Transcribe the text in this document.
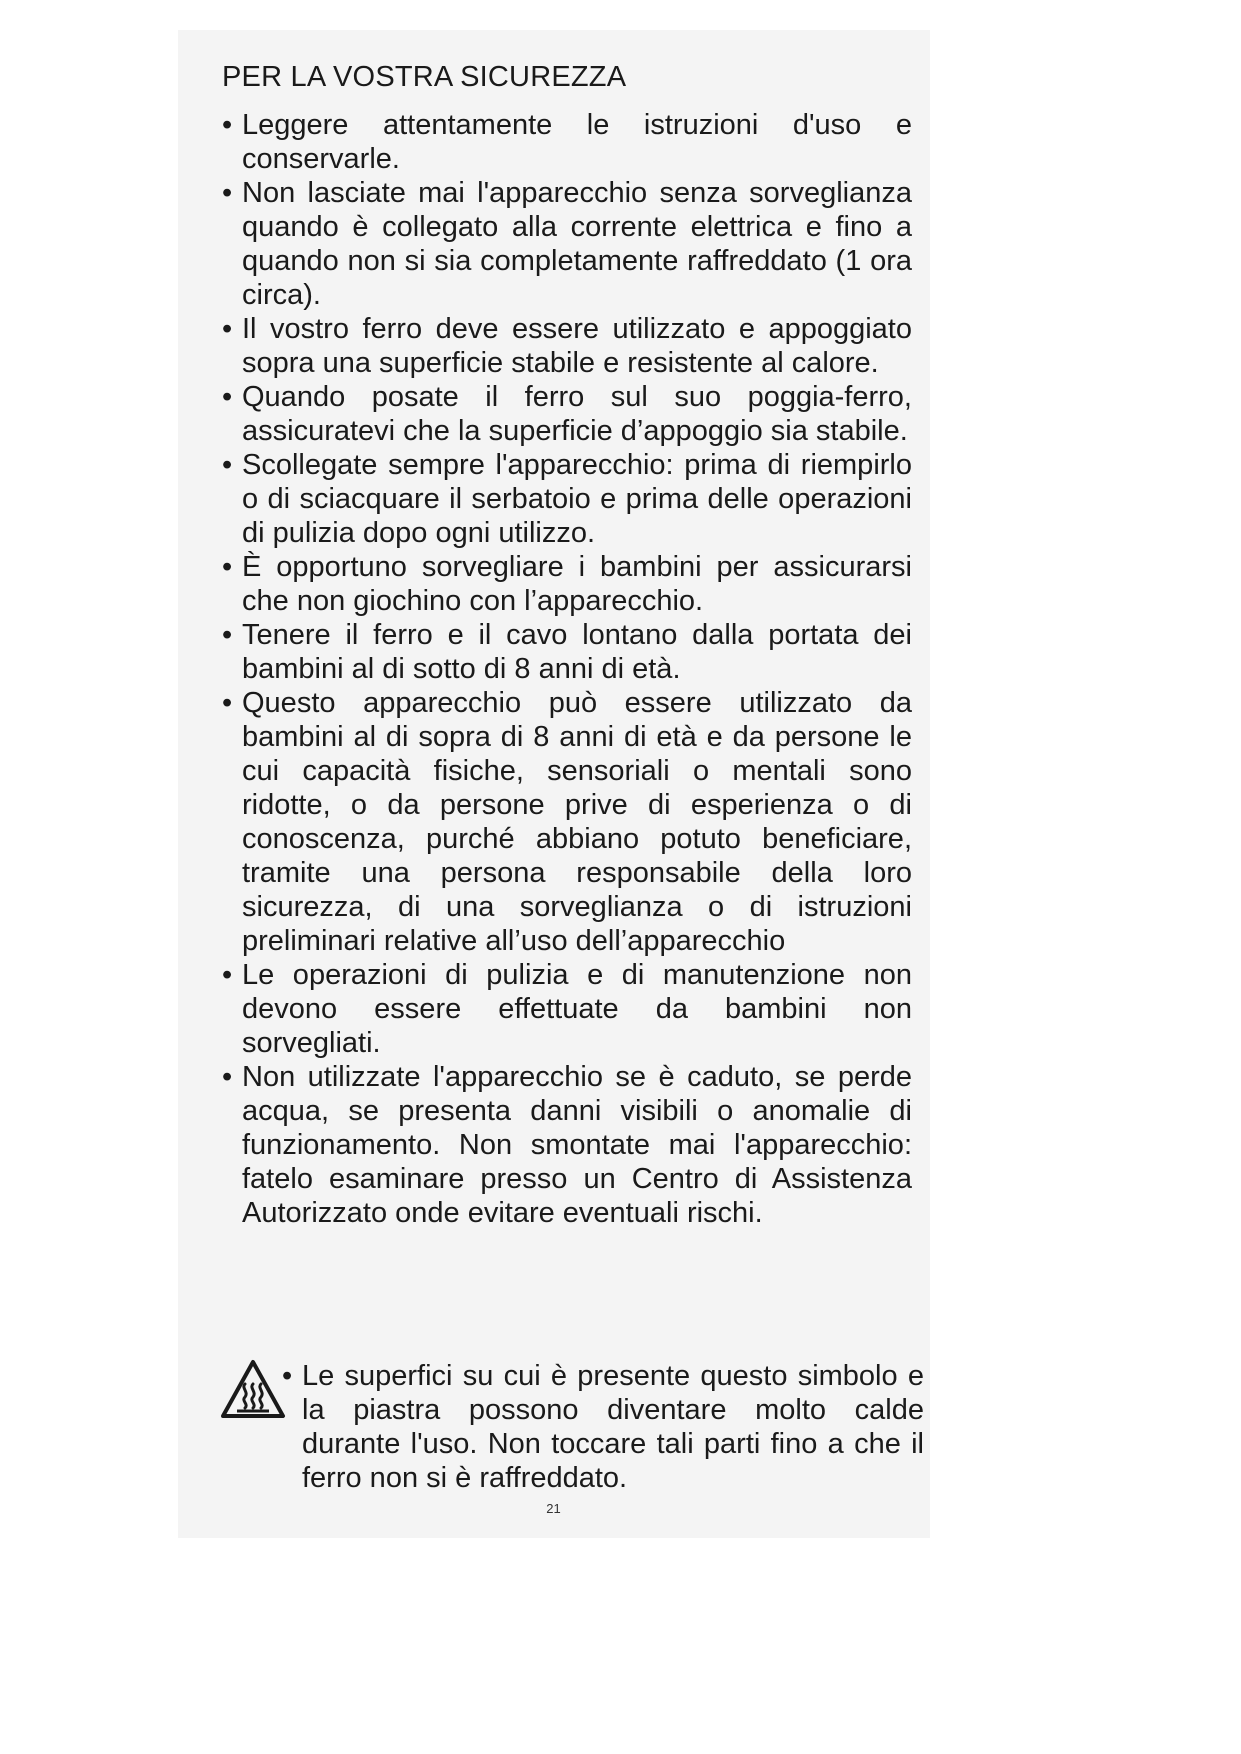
PER LA VOSTRA SICUREZZA
• Leggere attentamente le istruzioni d'uso e conservarle.
• Non lasciate mai l'apparecchio senza sorveglianza quando è collegato alla corrente elettrica e fino a quando non si sia completamente raffreddato (1 ora circa).
• Il vostro ferro deve essere utilizzato e appoggiato sopra una superficie stabile e resistente al calore.
• Quando posate il ferro sul suo poggia-ferro, assicuratevi che la superficie d’appoggio sia stabile.
• Scollegate sempre l'apparecchio: prima di riempirlo o di sciacquare il serbatoio e prima delle operazioni di pulizia dopo ogni utilizzo.
• È opportuno sorvegliare i bambini per assicurarsi che non giochino con l’apparecchio.
• Tenere il ferro e il cavo lontano dalla portata dei bambini al di sotto di 8 anni di età.
• Questo apparecchio può essere utilizzato da bambini al di sopra di 8 anni di età e da persone le cui capacità fisiche, sensoriali o mentali sono ridotte, o da persone prive di esperienza o di conoscenza, purché abbiano potuto beneficiare, tramite una persona responsabile della loro sicurezza, di una sorveglianza o di istruzioni preliminari relative all’uso dell’apparecchio
• Le operazioni di pulizia e di manutenzione non devono essere effettuate da bambini non sorvegliati.
• Non utilizzate l'apparecchio se è caduto, se perde acqua, se presenta danni visibili o anomalie di funzionamento. Non smontate mai l'apparecchio: fatelo esaminare presso un Centro di Assistenza Autorizzato onde evitare eventuali rischi.
• Le superfici su cui è presente questo simbolo e la piastra possono diventare molto calde durante l'uso. Non toccare tali parti fino a che il ferro non si è raffreddato.
21
